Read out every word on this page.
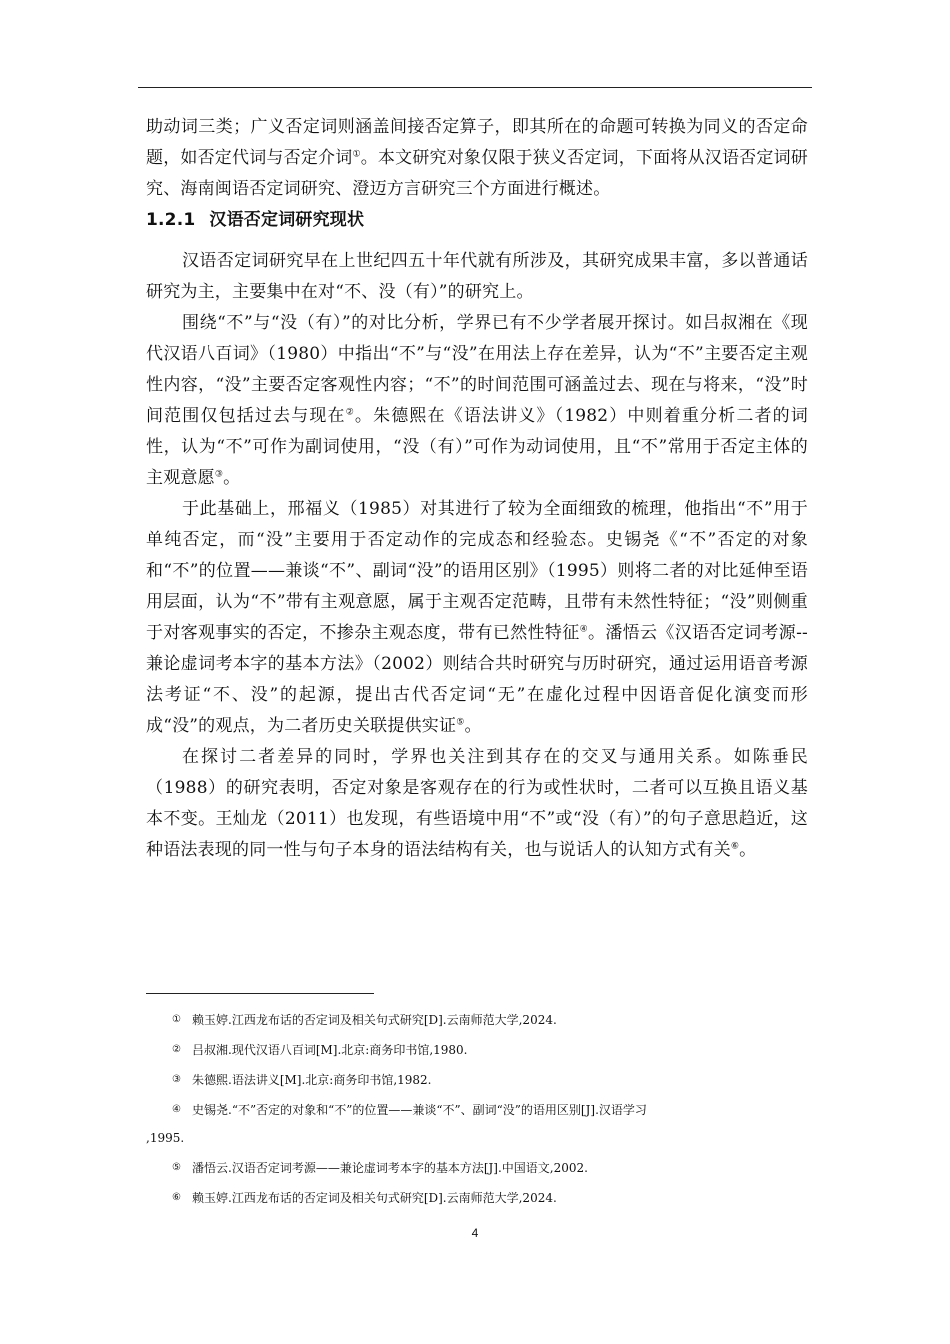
助动词三类；广义否定词则涵盖间接否定算子，即其所在的命题可转换为同义的否定命题，如否定代词与否定介词①。本文研究对象仅限于狭义否定词，下面将从汉语否定词研究、海南闽语否定词研究、澄迈方言研究三个方面进行概述。

1.2.1 汉语否定词研究现状

汉语否定词研究早在上世纪四五十年代就有所涉及，其研究成果丰富，多以普通话研究为主，主要集中在对“不、没（有）”的研究上。

围绕“不”与“没（有）”的对比分析，学界已有不少学者展开探讨。如吕叔湘在《现代汉语八百词》（1980）中指出“不”与“没”在用法上存在差异，认为“不”主要否定主观性内容，“没”主要否定客观性内容；“不”的时间范围可涵盖过去、现在与将来，“没”时间范围仅包括过去与现在②。朱德熙在《语法讲义》（1982）中则着重分析二者的词性，认为“不”可作为副词使用，“没（有）”可作为动词使用，且“不”常用于否定主体的主观意愿③。

于此基础上，邢福义（1985）对其进行了较为全面细致的梳理，他指出“不”用于单纯否定，而“没”主要用于否定动作的完成态和经验态。史锡尧《“不”否定的对象和“不”的位置——兼谈“不”、副词“没”的语用区别》（1995）则将二者的对比延伸至语用层面，认为“不”带有主观意愿，属于主观否定范畴，且带有未然性特征；“没”则侧重于对客观事实的否定，不掺杂主观态度，带有已然性特征④。潘悟云《汉语否定词考源--兼论虚词考本字的基本方法》（2002）则结合共时研究与历时研究，通过运用语音考源法考证“不、没”的起源，提出古代否定词“无”在虚化过程中因语音促化演变而形成“没”的观点，为二者历史关联提供实证⑤。

在探讨二者差异的同时，学界也关注到其存在的交叉与通用关系。如陈垂民（1988）的研究表明，否定对象是客观存在的行为或性状时，二者可以互换且语义基本不变。王灿龙（2011）也发现，有些语境中用“不”或“没（有）”的句子意思趋近，这种语法表现的同一性与句子本身的语法结构有关，也与说话人的认知方式有关⑥。

① 赖玉婷.江西龙布话的否定词及相关句式研究[D].云南师范大学,2024.
② 吕叔湘.现代汉语八百词[M].北京:商务印书馆,1980.
③ 朱德熙.语法讲义[M].北京:商务印书馆,1982.
④ 史锡尧.“不”否定的对象和“不”的位置——兼谈“不”、副词“没”的语用区别[J].汉语学习
,1995.
⑤ 潘悟云.汉语否定词考源——兼论虚词考本字的基本方法[J].中国语文,2002.
⑥ 赖玉婷.江西龙布话的否定词及相关句式研究[D].云南师范大学,2024.
4
